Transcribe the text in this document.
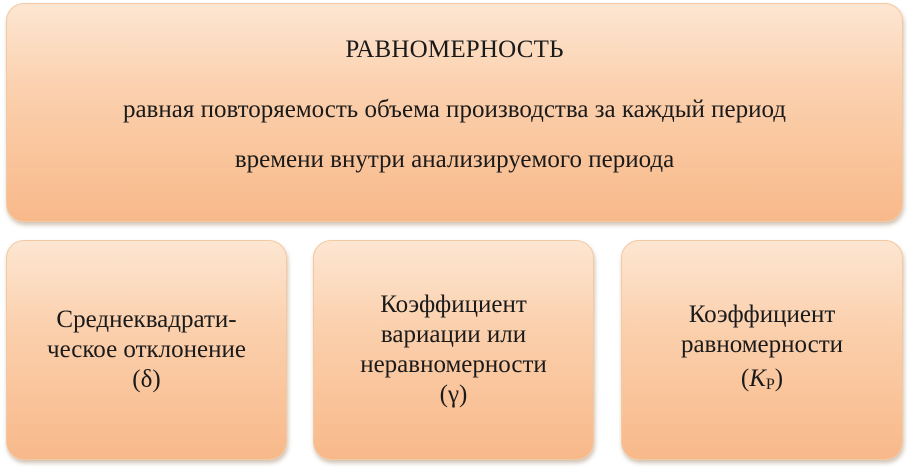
РАВНОМЕРНОСТЬ
равная повторяемость объема производства за каждый период
времени внутри анализируемого периода
Среднеквадрати-
ческое отклонение
(δ)
Коэффициент
вариации или
неравномерности
(γ)
Коэффициент
равномерности
(KР)
